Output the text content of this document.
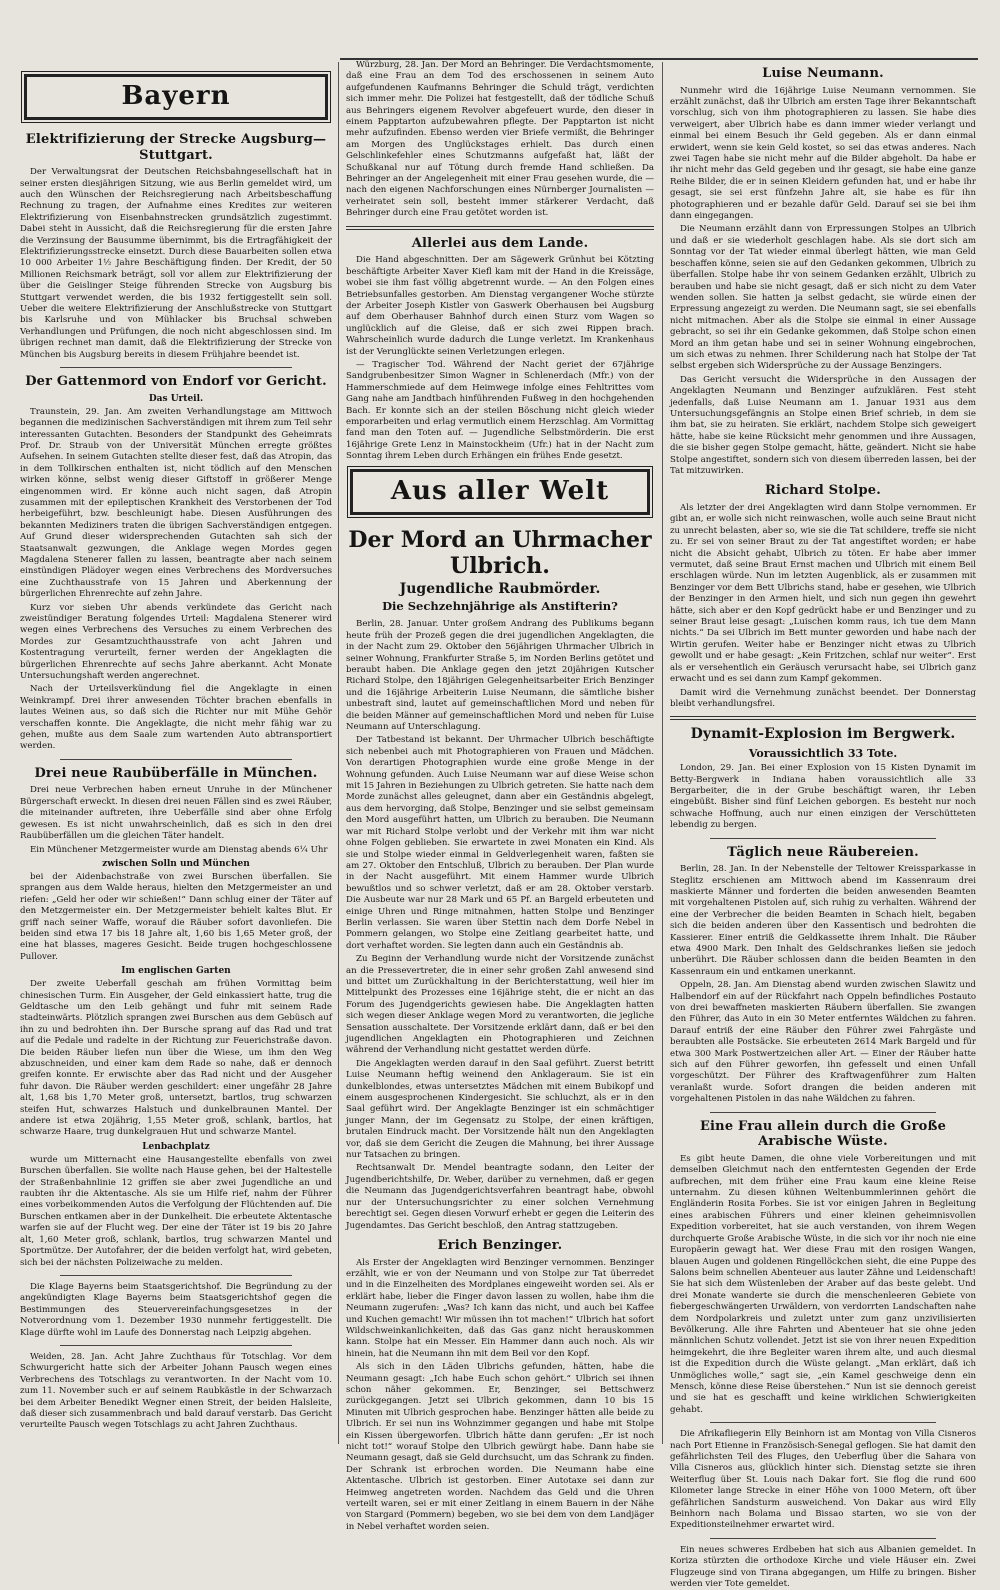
Bayern
Elektrifizierung der Strecke Augsburg—Stuttgart.

Der Verwaltungsrat der Deutschen Reichsbahngesellschaft hat in seiner ersten diesjährigen Sitzung, wie aus Berlin gemeldet wird, um auch den Wünschen der Reichsregierung nach Arbeitsbeschaffung Rechnung zu tragen, der Aufnahme eines Kredites zur weiteren Elektrifizierung von Eisenbahnstrecken grundsätzlich zugestimmt. Dabei steht in Aussicht, daß die Reichsregierung für die ersten Jahre die Verzinsung der Bausumme übernimmt, bis die Ertragfähigkeit der Elektrifizierungsstrecke einsetzt. Durch diese Bauarbeiten sollen etwa 10 000 Arbeiter 1½ Jahre Beschäftigung finden. Der Kredit, der 50 Millionen Reichsmark beträgt, soll vor allem zur Elektrifizierung der über die Geislinger Steige führenden Strecke von Augsburg bis Stuttgart verwendet werden, die bis 1932 fertiggestellt sein soll. Ueber die weitere Elektrifizierung der Anschlußstrecke von Stuttgart bis Karlsruhe und von Mühlacker bis Bruchsal schweben Verhandlungen und Prüfungen, die noch nicht abgeschlossen sind. Im übrigen rechnet man damit, daß die Elektrifizierung der Strecke von München bis Augsburg bereits in diesem Frühjahre beendet ist.

Der Gattenmord von Endorf vor Gericht.
Das Urteil.

Traunstein, 29. Jan. Am zweiten Verhandlungstage am Mittwoch begannen die medizinischen Sachverständigen mit ihrem zum Teil sehr interessanten Gutachten. Besonders der Standpunkt des Geheimrats Prof. Dr. Straub von der Universität München erregte größtes Aufsehen. In seinem Gutachten stellte dieser fest, daß das Atropin, das in dem Tollkirschen enthalten ist, nicht tödlich auf den Menschen wirken könne, selbst wenig dieser Giftstoff in größerer Menge eingenommen wird. Er könne auch nicht sagen, daß Atropin zusammen mit der epileptischen Krankheit des Verstorbenen der Tod herbeigeführt, bzw. beschleunigt habe. Diesen Ausführungen des bekannten Mediziners traten die übrigen Sachverständigen entgegen. Auf Grund dieser widersprechenden Gutachten sah sich der Staatsanwalt gezwungen, die Anklage wegen Mordes gegen Magdalena Stenerer fallen zu lassen, beantragte aber nach seinem einstündigen Plädoyer wegen eines Verbrechens des Mordversuches eine Zuchthausstrafe von 15 Jahren und Aberkennung der bürgerlichen Ehrenrechte auf zehn Jahre.

Kurz vor sieben Uhr abends verkündete das Gericht nach zweistündiger Beratung folgendes Urteil: Magdalena Stenerer wird wegen eines Verbrechens des Versuches zu einem Verbrechen des Mordes zur Gesamtzuchthausstrafe von acht Jahren und Kostentragung verurteilt, ferner werden der Angeklagten die bürgerlichen Ehrenrechte auf sechs Jahre aberkannt. Acht Monate Untersuchungshaft werden angerechnet.

Nach der Urteilsverkündung fiel die Angeklagte in einen Weinkrampf. Drei ihrer anwesenden Töchter brachen ebenfalls in lautes Weinen aus, so daß sich die Richter nur mit Mühe Gehör verschaffen konnte. Die Angeklagte, die nicht mehr fähig war zu gehen, mußte aus dem Saale zum wartenden Auto abtransportiert werden.

Drei neue Raubüberfälle in München.

Drei neue Verbrechen haben erneut Unruhe in der Münchener Bürgerschaft erweckt. In diesen drei neuen Fällen sind es zwei Räuber, die miteinander auftreten, ihre Ueberfälle sind aber ohne Erfolg gewesen. Es ist nicht unwahrscheinlich, daß es sich in den drei Raubüberfällen um die gleichen Täter handelt.

Ein Münchener Metzgermeister wurde am Dienstag abends 6¼ Uhr

zwischen Solln und München

bei der Aidenbachstraße von zwei Burschen überfallen. Sie sprangen aus dem Walde heraus, hielten den Metzgermeister an und riefen: „Geld her oder wir schießen!“ Dann schlug einer der Täter auf den Metzgermeister ein. Der Metzgermeister behielt kaltes Blut. Er griff nach seiner Waffe, worauf die Räuber sofort davonliefen. Die beiden sind etwa 17 bis 18 Jahre alt, 1,60 bis 1,65 Meter groß, der eine hat blasses, mageres Gesicht. Beide trugen hochgeschlossene Pullover.

Im englischen Garten

Der zweite Ueberfall geschah am frühen Vormittag beim chinesischen Turm. Ein Ausgeher, der Geld einkassiert hatte, trug die Geldtasche um den Leib gehängt und fuhr mit seinem Rade stadteinwärts. Plötzlich sprangen zwei Burschen aus dem Gebüsch auf ihn zu und bedrohten ihn. Der Bursche sprang auf das Rad und trat auf die Pedale und radelte in der Richtung zur Feuerichstraße davon. Die beiden Räuber liefen nun über die Wiese, um ihm den Weg abzuschneiden, und einer kam dem Rade so nahe, daß er dennoch greifen konnte. Er erwischte aber das Rad nicht und der Ausgeher fuhr davon. Die Räuber werden geschildert: einer ungefähr 28 Jahre alt, 1,68 bis 1,70 Meter groß, untersetzt, bartlos, trug schwarzen steifen Hut, schwarzes Halstuch und dunkelbraunen Mantel. Der andere ist etwa 20jährig, 1,55 Meter groß, schlank, bartlos, hat schwarze Haare, trug dunkelgrauen Hut und schwarze Mantel.

Lenbachplatz

wurde um Mitternacht eine Hausangestellte ebenfalls von zwei Burschen überfallen. Sie wollte nach Hause gehen, bei der Haltestelle der Straßenbahnlinie 12 griffen sie aber zwei Jugendliche an und raubten ihr die Aktentasche. Als sie um Hilfe rief, nahm der Führer eines vorbeikommenden Autos die Verfolgung der Flüchtenden auf. Die Burschen entkamen aber in der Dunkelheit. Die erbeutete Aktentasche warfen sie auf der Flucht weg. Der eine der Täter ist 19 bis 20 Jahre alt, 1,60 Meter groß, schlank, bartlos, trug schwarzen Mantel und Sportmütze. Der Autofahrer, der die beiden verfolgt hat, wird gebeten, sich bei der nächsten Polizeiwache zu melden.

Die Klage Bayerns beim Staatsgerichtshof. Die Begründung zu der angekündigten Klage Bayerns beim Staatsgerichtshof gegen die Bestimmungen des Steuervereinfachungsgesetzes in der Notverordnung vom 1. Dezember 1930 nunmehr fertiggestellt. Die Klage dürfte wohl im Laufe des Donnerstag nach Leipzig abgehen.

Weiden, 28. Jan. Acht Jahre Zuchthaus für Totschlag. Vor dem Schwurgericht hatte sich der Arbeiter Johann Pausch wegen eines Verbrechens des Totschlags zu verantworten. In der Nacht vom 10. zum 11. November such er auf seinem Raubkästle in der Schwarzach bei dem Arbeiter Benedikt Wegner einen Streit, der beiden Halsleite, daß dieser sich zusammenbrach und bald darauf verstarb. Das Gericht verurteilte Pausch wegen Totschlags zu acht Jahren Zuchthaus.

Würzburg, 28. Jan. Der Mord an Behringer. Die Verdachtsmomente, daß eine Frau an dem Tod des erschossenen in seinem Auto aufgefundenen Kaufmanns Behringer die Schuld trägt, verdichten sich immer mehr. Die Polizei hat festgestellt, daß der tödliche Schuß aus Behringers eigenem Revolver abgefeuert wurde, den dieser in einem Papptarton aufzubewahren pflegte. Der Papptarton ist nicht mehr aufzufinden. Ebenso werden vier Briefe vermißt, die Behringer am Morgen des Unglückstages erhielt. Das durch einen Gelschlinkefehler eines Schutzmanns aufgefaßt hat, läßt der Schußkanal nur auf Tötung durch fremde Hand schließen. Da Behringer an der Angelegenheit mit einer Frau gesehen wurde, die — nach den eigenen Nachforschungen eines Nürnberger Journalisten — verheiratet sein soll, besteht immer stärkerer Verdacht, daß Behringer durch eine Frau getötet worden ist.

Allerlei aus dem Lande.

Die Hand abgeschnitten. Der am Sägewerk Grünhut bei Kötzting beschäftigte Arbeiter Xaver Kiefl kam mit der Hand in die Kreissäge, wobei sie ihm fast völlig abgetrennt wurde. — An den Folgen eines Betriebsunfalles gestorben. Am Dienstag vergangener Woche stürzte der Arbeiter Joseph Kistler von Gaswerk Oberhausen bei Augsburg auf dem Oberhauser Bahnhof durch einen Sturz vom Wagen so unglücklich auf die Gleise, daß er sich zwei Rippen brach. Wahrscheinlich wurde dadurch die Lunge verletzt. Im Krankenhaus ist der Verunglückte seinen Verletzungen erlegen.

— Tragischer Tod. Während der Nacht geriet der 67jährige Sandgrubenbesitzer Simon Wagner in Schlenerdach (Mfr.) von der Hammerschmiede auf dem Heimwege infolge eines Fehltrittes vom Gang nahe am Jandtbach hinführenden Fußweg in den hochgehenden Bach. Er konnte sich an der steilen Böschung nicht gleich wieder emporarbeiten und erlag vermutlich einem Herzschlag. Am Vormittag fand man den Toten auf. — Jugendliche Selbstmörderin. Die erst 16jährige Grete Lenz in Mainstockheim (Ufr.) hat in der Nacht zum Sonntag ihrem Leben durch Erhängen ein frühes Ende gesetzt.

Aus aller Welt
Der Mord an Uhrmacher Ulbrich.
Jugendliche Raubmörder.
Die Sechzehnjährige als Anstifterin?

Berlin, 28. Januar. Unter großem Andrang des Publikums begann heute früh der Prozeß gegen die drei jugendlichen Angeklagten, die in der Nacht zum 29. Oktober den 56jährigen Uhrmacher Ulbrich in seiner Wohnung, Frankfurter Straße 5, im Norden Berlins getötet und beraubt haben. Die Anklage gegen den jetzt 20jährigen Kutscher Richard Stolpe, den 18jährigen Gelegenheitsarbeiter Erich Benzinger und die 16jährige Arbeiterin Luise Neumann, die sämtliche bisher unbestraft sind, lautet auf gemeinschaftlichen Mord und neben für die beiden Männer auf gemeinschaftlichen Mord und neben für Luise Neumann auf Unterschlagung.

Der Tatbestand ist bekannt. Der Uhrmacher Ulbrich beschäftigte sich nebenbei auch mit Photographieren von Frauen und Mädchen. Von derartigen Photographien wurde eine große Menge in der Wohnung gefunden. Auch Luise Neumann war auf diese Weise schon mit 15 Jahren in Beziehungen zu Ulbrich getreten. Sie hatte nach dem Morde zunächst alles geleugnet, dann aber ein Geständnis abgelegt, aus dem hervorging, daß Stolpe, Benzinger und sie selbst gemeinsam den Mord ausgeführt hatten, um Ulbrich zu berauben. Die Neumann war mit Richard Stolpe verlobt und der Verkehr mit ihm war nicht ohne Folgen geblieben. Sie erwartete in zwei Monaten ein Kind. Als sie und Stolpe wieder einmal in Geldverlegenheit waren, faßten sie am 27. Oktober den Entschluß, Ulbrich zu berauben. Der Plan wurde in der Nacht ausgeführt. Mit einem Hammer wurde Ulbrich bewußtlos und so schwer verletzt, daß er am 28. Oktober verstarb. Die Ausbeute war nur 28 Mark und 65 Pf. an Bargeld erbeuteten und einige Uhren und Ringe mitnahmen, hatten Stolpe und Benzinger Berlin verlassen. Sie waren über Stettin nach dem Dorfe Nebel in Pommern gelangen, wo Stolpe eine Zeitlang gearbeitet hatte, und dort verhaftet worden. Sie legten dann auch ein Geständnis ab.

Zu Beginn der Verhandlung wurde nicht der Vorsitzende zunächst an die Pressevertreter, die in einer sehr großen Zahl anwesend sind und bittet um Zurückhaltung in der Berichterstattung, weil hier im Mittelpunkt des Prozesses eine 16jährige steht, die er nicht an das Forum des Jugendgerichts gewiesen habe. Die Angeklagten hatten sich wegen dieser Anklage wegen Mord zu verantworten, die jegliche Sensation ausschaltete. Der Vorsitzende erklärt dann, daß er bei den jugendlichen Angeklagten ein Photographieren und Zeichnen während der Verhandlung nicht gestattet werden dürfe.

Die Angeklagten werden darauf in den Saal geführt. Zuerst betritt Luise Neumann heftig weinend den Anklageraum. Sie ist ein dunkelblondes, etwas untersetztes Mädchen mit einem Bubikopf und einem ausgesprochenen Kindergesicht. Sie schluchzt, als er in den Saal geführt wird. Der Angeklagte Benzinger ist ein schmächtiger junger Mann, der im Gegensatz zu Stolpe, der einen kräftigen, brutalen Eindruck macht. Der Vorsitzende hält nun den Angeklagten vor, daß sie dem Gericht die Zeugen die Mahnung, bei ihrer Aussage nur Tatsachen zu bringen.

Rechtsanwalt Dr. Mendel beantragte sodann, den Leiter der Jugendberichtshilfe, Dr. Weber, darüber zu vernehmen, daß er gegen die Neumann das Jugendgerichtsverfahren beantragt habe, obwohl nur der Untersuchungsrichter zu einer solchen Vernehmung berechtigt sei. Gegen diesen Vorwurf erhebt er gegen die Leiterin des Jugendamtes. Das Gericht beschloß, den Antrag stattzugeben.

Erich Benzinger.

Als Erster der Angeklagten wird Benzinger vernommen. Benzinger erzählt, wie er von der Neumann und von Stolpe zur Tat überredet und in die Einzelheiten des Mordplanes eingeweiht worden sei. Als er erklärt habe, lieber die Finger davon lassen zu wollen, habe ihm die Neumann zugerufen: „Was? Ich kann das nicht, und auch bei Kaffee und Kuchen gemacht! Wir müssen ihn tot machen!“ Ulbrich hat sofort Wildschweinkanlichkeiten, daß das Gas ganz nicht herauskommen kann. Stolpe hat ein Messer. Ein Hammer dann auch noch. Als wir hinein, hat die Neumann ihn mit dem Beil vor den Kopf.

Als sich in den Läden Ulbrichs gefunden, hätten, habe die Neumann gesagt: „Ich habe Euch schon gehört.“ Ulbrich sei ihnen schon näher gekommen. Er, Benzinger, sei Bettschwerz zurückgegangen. Jetzt sei Ulbrich gekommen, dann 10 bis 15 Minuten mit Ulbrich gesprochen habe. Benzinger hätten alle beide zu Ulbrich. Er sei nun ins Wohnzimmer gegangen und habe mit Stolpe ein Kissen übergeworfen. Ulbrich hätte dann gerufen: „Er ist noch nicht tot!“ worauf Stolpe den Ulbrich gewürgt habe. Dann habe sie Neumann gesagt, daß sie Geld durchsucht, um das Schrank zu finden. Der Schrank ist erbrochen worden. Die Neumann habe eine Aktentasche. Ulbrich ist gestorben. Einer Autotaxe sei dann zur Heimweg angetreten worden. Nachdem das Geld und die Uhren verteilt waren, sei er mit einer Zeitlang in einem Bauern in der Nähe von Stargard (Pommern) begeben, wo sie bei dem von dem Landjäger in Nebel verhaftet worden seien.

Luise Neumann.

Nunmehr wird die 16jährige Luise Neumann vernommen. Sie erzählt zunächst, daß ihr Ulbrich am ersten Tage ihrer Bekanntschaft vorschlug, sich von ihm photographieren zu lassen. Sie habe dies verweigert, aber Ulbrich habe es dann immer wieder verlangt und einmal bei einem Besuch ihr Geld gegeben. Als er dann einmal erwidert, wenn sie kein Geld kostet, so sei das etwas anderes. Nach zwei Tagen habe sie nicht mehr auf die Bilder abgeholt. Da habe er ihr nicht mehr das Geld gegeben und ihr gesagt, sie habe eine ganze Reihe Bilder, die er in seinen Kleidern gefunden hat, und er habe ihr gesagt, sie sei erst fünfzehn Jahre alt, sie habe es für ihn photographieren und er bezahle dafür Geld. Darauf sei sie bei ihm dann eingegangen.

Die Neumann erzählt dann von Erpressungen Stolpes an Ulbrich und daß er sie wiederholt geschlagen habe. Als sie dort sich am Sonntag vor der Tat wieder einmal überlegt hätten, wie man Geld beschaffen könne, seien sie auf den Gedanken gekommen, Ulbrich zu überfallen. Stolpe habe ihr von seinem Gedanken erzählt, Ulbrich zu berauben und habe sie nicht gesagt, daß er sich nicht zu dem Vater wenden sollen. Sie hatten ja selbst gedacht, sie würde einen der Erpressung angezeigt zu werden. Die Neumann sagt, sie sei ebenfalls nicht mitmachen. Aber als die Stolpe sie einmal in einer Aussage gebracht, so sei ihr ein Gedanke gekommen, daß Stolpe schon einen Mord an ihm getan habe und sei in seiner Wohnung eingebrochen, um sich etwas zu nehmen. Ihrer Schilderung nach hat Stolpe der Tat selbst ergeben sich Widersprüche zu der Aussage Benzingers.

Das Gericht versucht die Widersprüche in den Aussagen der Angeklagten Neumann und Benzinger aufzuklären. Fest steht jedenfalls, daß Luise Neumann am 1. Januar 1931 aus dem Untersuchungsgefängnis an Stolpe einen Brief schrieb, in dem sie ihm bat, sie zu heiraten. Sie erklärt, nachdem Stolpe sich geweigert hätte, habe sie keine Rücksicht mehr genommen und ihre Aussagen, die sie bisher gegen Stolpe gemacht, hätte, geändert. Nicht sie habe Stolpe angestiftet, sondern sich von diesem überreden lassen, bei der Tat mitzuwirken.

Richard Stolpe.

Als letzter der drei Angeklagten wird dann Stolpe vernommen. Er gibt an, er wolle sich nicht reinwaschen, wolle auch seine Braut nicht zu unrecht belasten, aber so, wie sie die Tat schildere, treffe sie nicht zu. Er sei von seiner Braut zu der Tat angestiftet worden; er habe nicht die Absicht gehabt, Ulbrich zu töten. Er habe aber immer vermutet, daß seine Braut Ernst machen und Ulbrich mit einem Beil erschlagen würde. Nun im letzten Augenblick, als er zusammen mit Benzinger vor dem Bett Ulbrichs stand, habe er gesehen, wie Ulbrich der Benzinger in den Armen hielt, und sich nun gegen ihn gewehrt hätte, sich aber er den Kopf gedrückt habe er und Benzinger und zu seiner Braut leise gesagt: „Luischen komm raus, ich tue dem Mann nichts.“ Da sei Ulbrich im Bett munter geworden und habe nach der Wirtin gerufen. Weiter habe er Benzinger nicht etwas zu Ulbrich gewollt und er habe gesagt: „Kein Fritzchen, schlaf nur weiter“. Erst als er versehentlich ein Geräusch verursacht habe, sei Ulbrich ganz erwacht und es sei dann zum Kampf gekommen.

Damit wird die Vernehmung zunächst beendet. Der Donnerstag bleibt verhandlungsfrei.

Dynamit-Explosion im Bergwerk.
Voraussichtlich 33 Tote.

London, 29. Jan. Bei einer Explosion von 15 Kisten Dynamit im Betty-Bergwerk in Indiana haben voraussichtlich alle 33 Bergarbeiter, die in der Grube beschäftigt waren, ihr Leben eingebüßt. Bisher sind fünf Leichen geborgen. Es besteht nur noch schwache Hoffnung, auch nur einen einzigen der Verschütteten lebendig zu bergen.

Täglich neue Räubereien.

Berlin, 28. Jan. In der Nebenstelle der Teltower Kreissparkasse in Steglitz erschienen am Mittwoch abend im Kassenraum drei maskierte Männer und forderten die beiden anwesenden Beamten mit vorgehaltenen Pistolen auf, sich ruhig zu verhalten. Während der eine der Verbrecher die beiden Beamten in Schach hielt, begaben sich die beiden anderen über den Kassentisch und bedrohten die Kassierer. Einer entriß die Geldkassette ihrem Inhalt. Die Räuber etwa 4900 Mark. Den Inhalt des Geldschrankes ließen sie jedoch unberührt. Die Räuber schlossen dann die beiden Beamten in den Kassenraum ein und entkamen unerkannt.

Oppeln, 28. Jan. Am Dienstag abend wurden zwischen Slawitz und Halbendorf ein auf der Rückfahrt nach Oppeln befindliches Postauto von drei bewaffneten maskierten Räubern überfallen. Sie zwangen den Führer, das Auto in ein 30 Meter entferntes Wäldchen zu fahren. Darauf entriß der eine Räuber den Führer zwei Fahrgäste und beraubten alle Postsäcke. Sie erbeuteten 2614 Mark Bargeld und für etwa 300 Mark Postwertzeichen aller Art. — Einer der Räuber hatte sich auf den Führer geworfen, ihn gefesselt und einen Unfall vorgeschützt. Der Führer des Kraftwagenführer zum Halten veranlaßt wurde. Sofort drangen die beiden anderen mit vorgehaltenen Pistolen in das nahe Wäldchen zu fahren.

Eine Frau allein durch die Große Arabische Wüste.

Es gibt heute Damen, die ohne viele Vorbereitungen und mit demselben Gleichmut nach den entferntesten Gegenden der Erde aufbrechen, mit dem früher eine Frau kaum eine kleine Reise unternahm. Zu diesen kühnen Weltenbummlerinnen gehört die Engländerin Rosita Forbes. Sie ist vor einigen Jahren in Begleitung eines arabischen Führers und einer kleinen geheimnisvollen Expedition vorbereitet, hat sie auch verstanden, von ihrem Wegen durchquerte Große Arabische Wüste, in die sich vor ihr noch nie eine Europäerin gewagt hat. Wer diese Frau mit den rosigen Wangen, blauen Augen und goldenen Ringellöckchen sieht, die eine Puppe des Salons beim schnellen Abenteuer aus lauter Zähne und Leidenschaft! Sie hat sich dem Wüstenleben der Araber auf das beste gelebt. Und drei Monate wanderte sie durch die menschenleeren Gebiete von fiebergeschwängerten Urwäldern, von verdorrten Landschaften nahe dem Nordpolarkreis und zuletzt unter zum ganz unzivilisierten Bevölkerung. Alle ihre Fahrten und Abenteuer hat sie ohne jeden männlichen Schutz vollendet. Jetzt ist sie von ihrer neuen Expedition heimgekehrt, die ihre Begleiter waren ihrem alte, und auch diesmal ist die Expedition durch die Wüste gelangt. „Man erklärt, daß ich Unmögliches wolle,“ sagt sie, „ein Kamel geschweige denn ein Mensch, könne diese Reise überstehen.“ Nun ist sie dennoch gereist und sie hat es geschafft und keine wirklichen Schwierigkeiten gehabt.

Die Afrikafliegerin Elly Beinhorn ist am Montag von Villa Cisneros nach Port Etienne in Französisch-Senegal geflogen. Sie hat damit den gefährlichsten Teil des Fluges, den Ueberflug über die Sahara von Villa Cisneros aus, glücklich hinter sich. Dienstag setzte sie ihren Weiterflug über St. Louis nach Dakar fort. Sie flog die rund 600 Kilometer lange Strecke in einer Höhe von 1000 Metern, oft über gefährlichen Sandsturm ausweichend. Von Dakar aus wird Elly Beinhorn nach Bolama und Bissao starten, wo sie von der Expeditionsteilnehmer erwartet wird.

Ein neues schweres Erdbeben hat sich aus Albanien gemeldet. In Koriza stürzten die orthodoxe Kirche und viele Häuser ein. Zwei Flugzeuge sind von Tirana abgegangen, um Hilfe zu bringen. Bisher werden vier Tote gemeldet.
